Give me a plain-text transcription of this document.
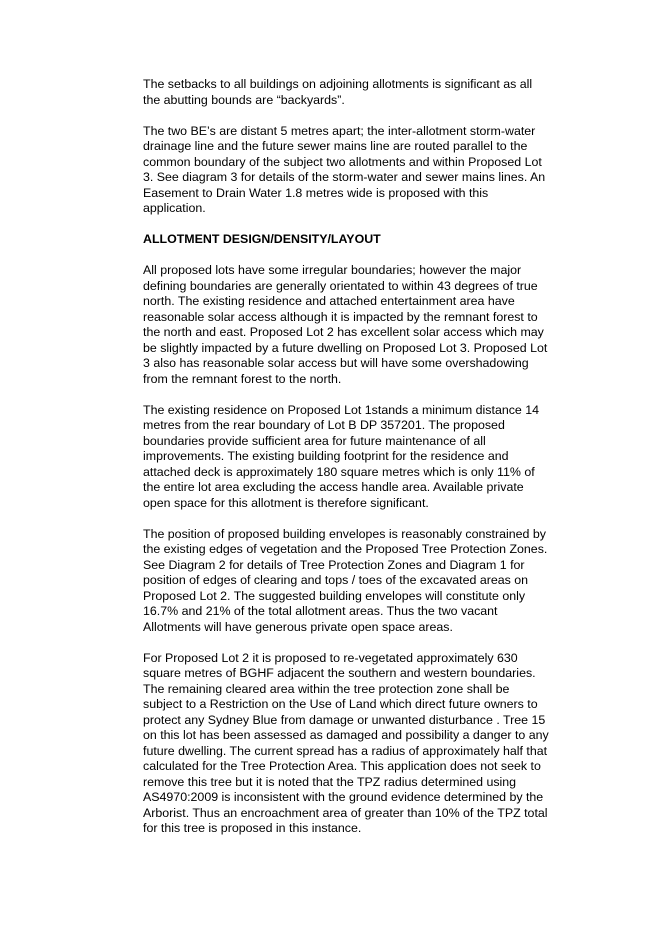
The setbacks to all buildings on adjoining allotments is significant as all
the abutting bounds are “backyards”.

The two BE’s are distant 5 metres apart; the inter-allotment storm-water
drainage line and the future sewer mains line are routed parallel to the
common boundary of the subject two allotments and within Proposed Lot
3. See diagram 3 for details of the storm-water and sewer mains lines. An
Easement to Drain Water 1.8 metres wide is proposed with this
application.

ALLOTMENT DESIGN/DENSITY/LAYOUT

All proposed lots have some irregular boundaries; however the major
defining boundaries are generally orientated to within 43 degrees of true
north. The existing residence and attached entertainment area have
reasonable solar access although it is impacted by the remnant forest to
the north and east. Proposed Lot 2 has excellent solar access which may
be slightly impacted by a future dwelling on Proposed Lot 3. Proposed Lot
3 also has reasonable solar access but will have some overshadowing
from the remnant forest to the north.

The existing residence on Proposed Lot 1stands a minimum distance 14
metres from the rear boundary of Lot B DP 357201. The proposed
boundaries provide sufficient area for future maintenance of all
improvements. The existing building footprint for the residence and
attached deck is approximately 180 square metres which is only 11% of
the entire lot area excluding the access handle area. Available private
open space for this allotment is therefore significant.

The position of proposed building envelopes is reasonably constrained by
the existing edges of vegetation and the Proposed Tree Protection Zones.
See Diagram 2 for details of Tree Protection Zones and Diagram 1 for
position of edges of clearing and tops / toes of the excavated areas on
Proposed Lot 2. The suggested building envelopes will constitute only
16.7% and 21% of the total allotment areas. Thus the two vacant
Allotments will have generous private open space areas.

For Proposed Lot 2 it is proposed to re-vegetated approximately 630
square metres of BGHF adjacent the southern and western boundaries.
The remaining cleared area within the tree protection zone shall be
subject to a Restriction on the Use of Land which direct future owners to
protect any Sydney Blue from damage or unwanted disturbance . Tree 15
on this lot has been assessed as damaged and possibility a danger to any
future dwelling. The current spread has a radius of approximately half that
calculated for the Tree Protection Area. This application does not seek to
remove this tree but it is noted that the TPZ radius determined using
AS4970:2009 is inconsistent with the ground evidence determined by the
Arborist. Thus an encroachment area of greater than 10% of the TPZ total
for this tree is proposed in this instance.
